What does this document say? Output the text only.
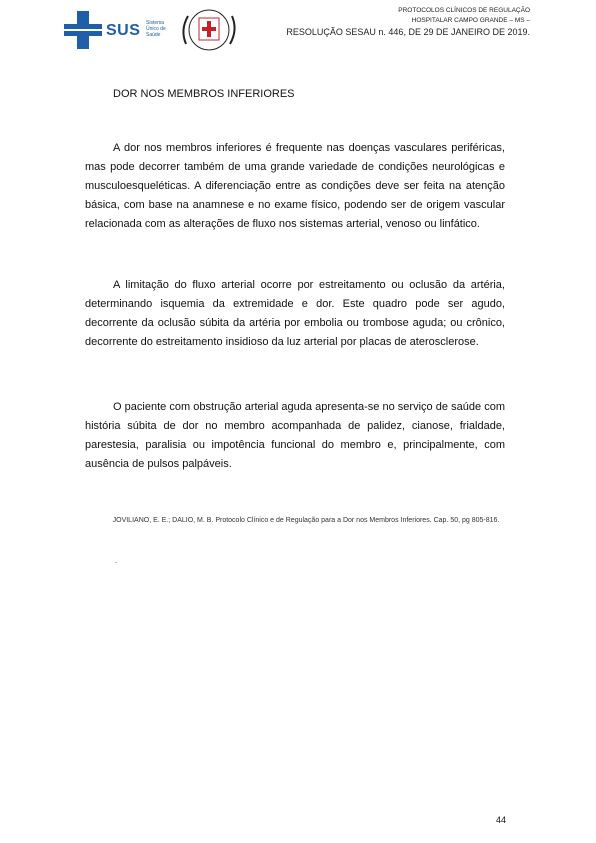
SUS Sistema Único de Saúde
PROTOCOLOS CLÍNICOS DE REGULAÇÃO
HOSPITALAR CAMPO GRANDE – MS –
RESOLUÇÃO SESAU n. 446, DE 29 DE JANEIRO DE 2019.
DOR NOS MEMBROS INFERIORES

A dor nos membros inferiores é frequente nas doenças vasculares periféricas, mas pode decorrer também de uma grande variedade de condições neurológicas e musculoesqueléticas. A diferenciação entre as condições deve ser feita na atenção básica, com base na anamnese e no exame físico, podendo ser de origem vascular relacionada com as alterações de fluxo nos sistemas arterial, venoso ou linfático.

A limitação do fluxo arterial ocorre por estreitamento ou oclusão da artéria, determinando isquemia da extremidade e dor. Este quadro pode ser agudo, decorrente da oclusão súbita da artéria por embolia ou trombose aguda; ou crônico, decorrente do estreitamento insidioso da luz arterial por placas de aterosclerose.

O paciente com obstrução arterial aguda apresenta-se no serviço de saúde com história súbita de dor no membro acompanhada de palidez, cianose, frialdade, parestesia, paralisia ou impotência funcional do membro e, principalmente, com ausência de pulsos palpáveis.

JOVILIANO, E. E.; DALIO, M. B. Protocolo Clínico e de Regulação para a Dor nos Membros Inferiores. Cap. 50, pg 805-816.
.
44
